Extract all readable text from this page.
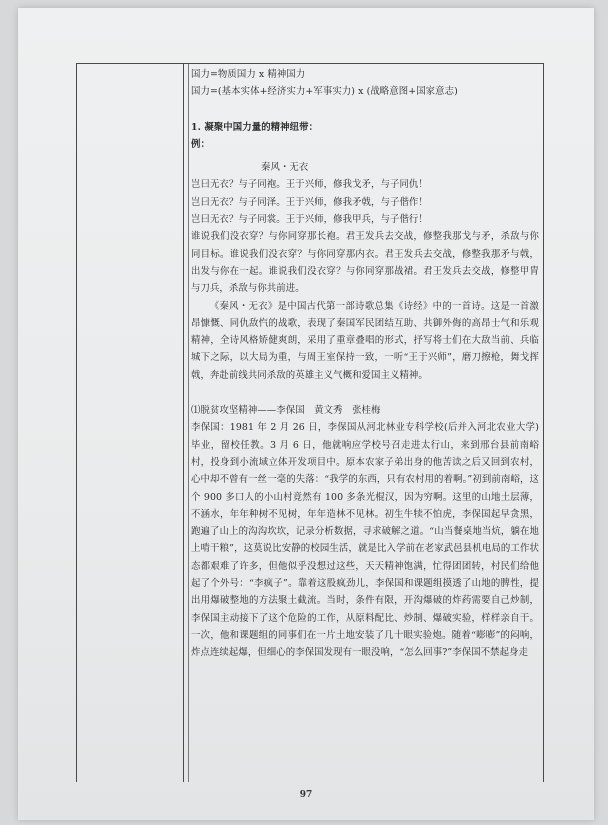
国力=物质国力 x 精神国力

国力=(基本实体+经济实力+军事实力) x (战略意图+国家意志)

1. 凝聚中国力量的精神纽带：

例：

秦风・无衣

岂曰无衣？与子同袍。王于兴师，修我戈矛，与子同仇！

岂曰无衣？与子同泽。王于兴师，修我矛戟，与子偕作！

岂曰无衣？与子同裳。王于兴师，修我甲兵，与子偕行！

谁说我们没衣穿？与你同穿那长袍。君王发兵去交战，修整我那戈与矛，杀敌与你同目标。谁说我们没衣穿？与你同穿那内衣。君王发兵去交战，修整我那矛与戟，出发与你在一起。谁说我们没衣穿？与你同穿那战裙。君王发兵去交战，修整甲胄与刀兵，杀敌与你共前进。

《秦风・无衣》是中国古代第一部诗歌总集《诗经》中的一首诗。这是一首激昂慷慨、同仇敌忾的战歌，表现了秦国军民团结互助、共御外侮的高昂士气和乐观精神，全诗风格矫健爽朗，采用了重章叠唱的形式，抒写将士们在大敌当前、兵临城下之际，以大局为重，与周王室保持一致，一听“王于兴师”，磨刀擦枪，舞戈挥戟，奔赴前线共同杀敌的英雄主义气概和爱国主义精神。

⑴脱贫攻坚精神——李保国　黄文秀　张桂梅

李保国：1981 年 2 月 26 日，李保国从河北林业专科学校(后并入河北农业大学)毕业，留校任教。3 月 6 日，他就响应学校号召走进太行山，来到邢台县前南峪村，投身到小流域立体开发项目中。原本农家子弟出身的他苦读之后又回到农村，心中却不曾有一丝一毫的失落：“我学的东西，只有农村用的着啊。”初到前南峪，这个 900 多口人的小山村竟然有 100 多条光棍汉，因为穷啊。这里的山地土层薄，不涵水，年年种树不见树，年年造林不见林。初生牛犊不怕虎，李保国起早贪黑，跑遍了山上的沟沟坎坎，记录分析数据，寻求破解之道。“山当餐桌地当炕，躺在地上啃干粮”，这莫说比安静的校园生活，就是比入学前在老家武邑县机电局的工作状态都艰难了许多，但他似乎没想过这些，天天精神饱满，忙得团团转，村民们给他起了个外号：“李疯子”。靠着这股疯劲儿，李保国和课题组摸透了山地的脾性，提出用爆破整地的方法聚土截流。当时，条件有限，开沟爆破的炸药需要自己炒制，李保国主动接下了这个危险的工作，从原料配比、炒制、爆破实验，样样亲自干。一次，他和课题组的同事们在一片土地安装了几十眼实验炮。随着“嘭嘭”的闷响，炸点连续起爆，但细心的李保国发现有一眼没响，“怎么回事?”李保国不禁起身走

97
